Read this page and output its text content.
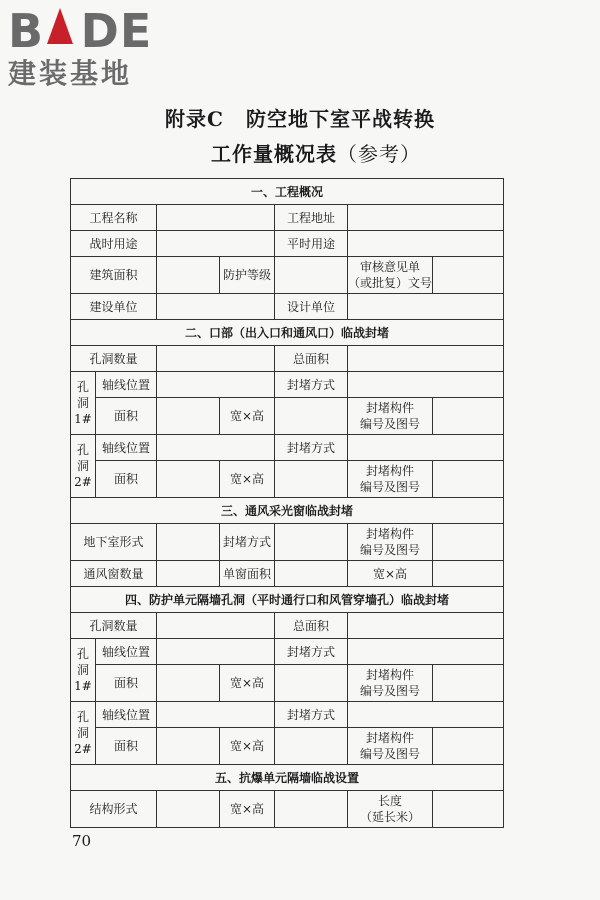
B DE
建装基地
附录C 防空地下室平战转换
工作量概况表（参考）
一、工程概况						
工程名称				工程地址		
战时用途				平时用途		
建筑面积			防护等级		审核意见单
（或批复）文号	
建设单位				设计单位		
二、口部（出入口和通风口）临战封堵						
孔洞数量				总面积		
孔
洞
1#	轴线位置			封堵方式		
	面积		宽×高		封堵构件
编号及图号	
孔
洞
2#	轴线位置			封堵方式		
	面积		宽×高		封堵构件
编号及图号	
三、通风采光窗临战封堵						
地下室形式			封堵方式		封堵构件
编号及图号	
通风窗数量			单窗面积		宽×高	
四、防护单元隔墙孔洞（平时通行口和风管穿墙孔）临战封堵						
孔洞数量				总面积		
孔
洞
1#	轴线位置			封堵方式		
	面积		宽×高		封堵构件
编号及图号	
孔
洞
2#	轴线位置			封堵方式		
	面积		宽×高		封堵构件
编号及图号	
五、抗爆单元隔墙临战设置						
结构形式			宽×高		长度
（延长米）	
70
